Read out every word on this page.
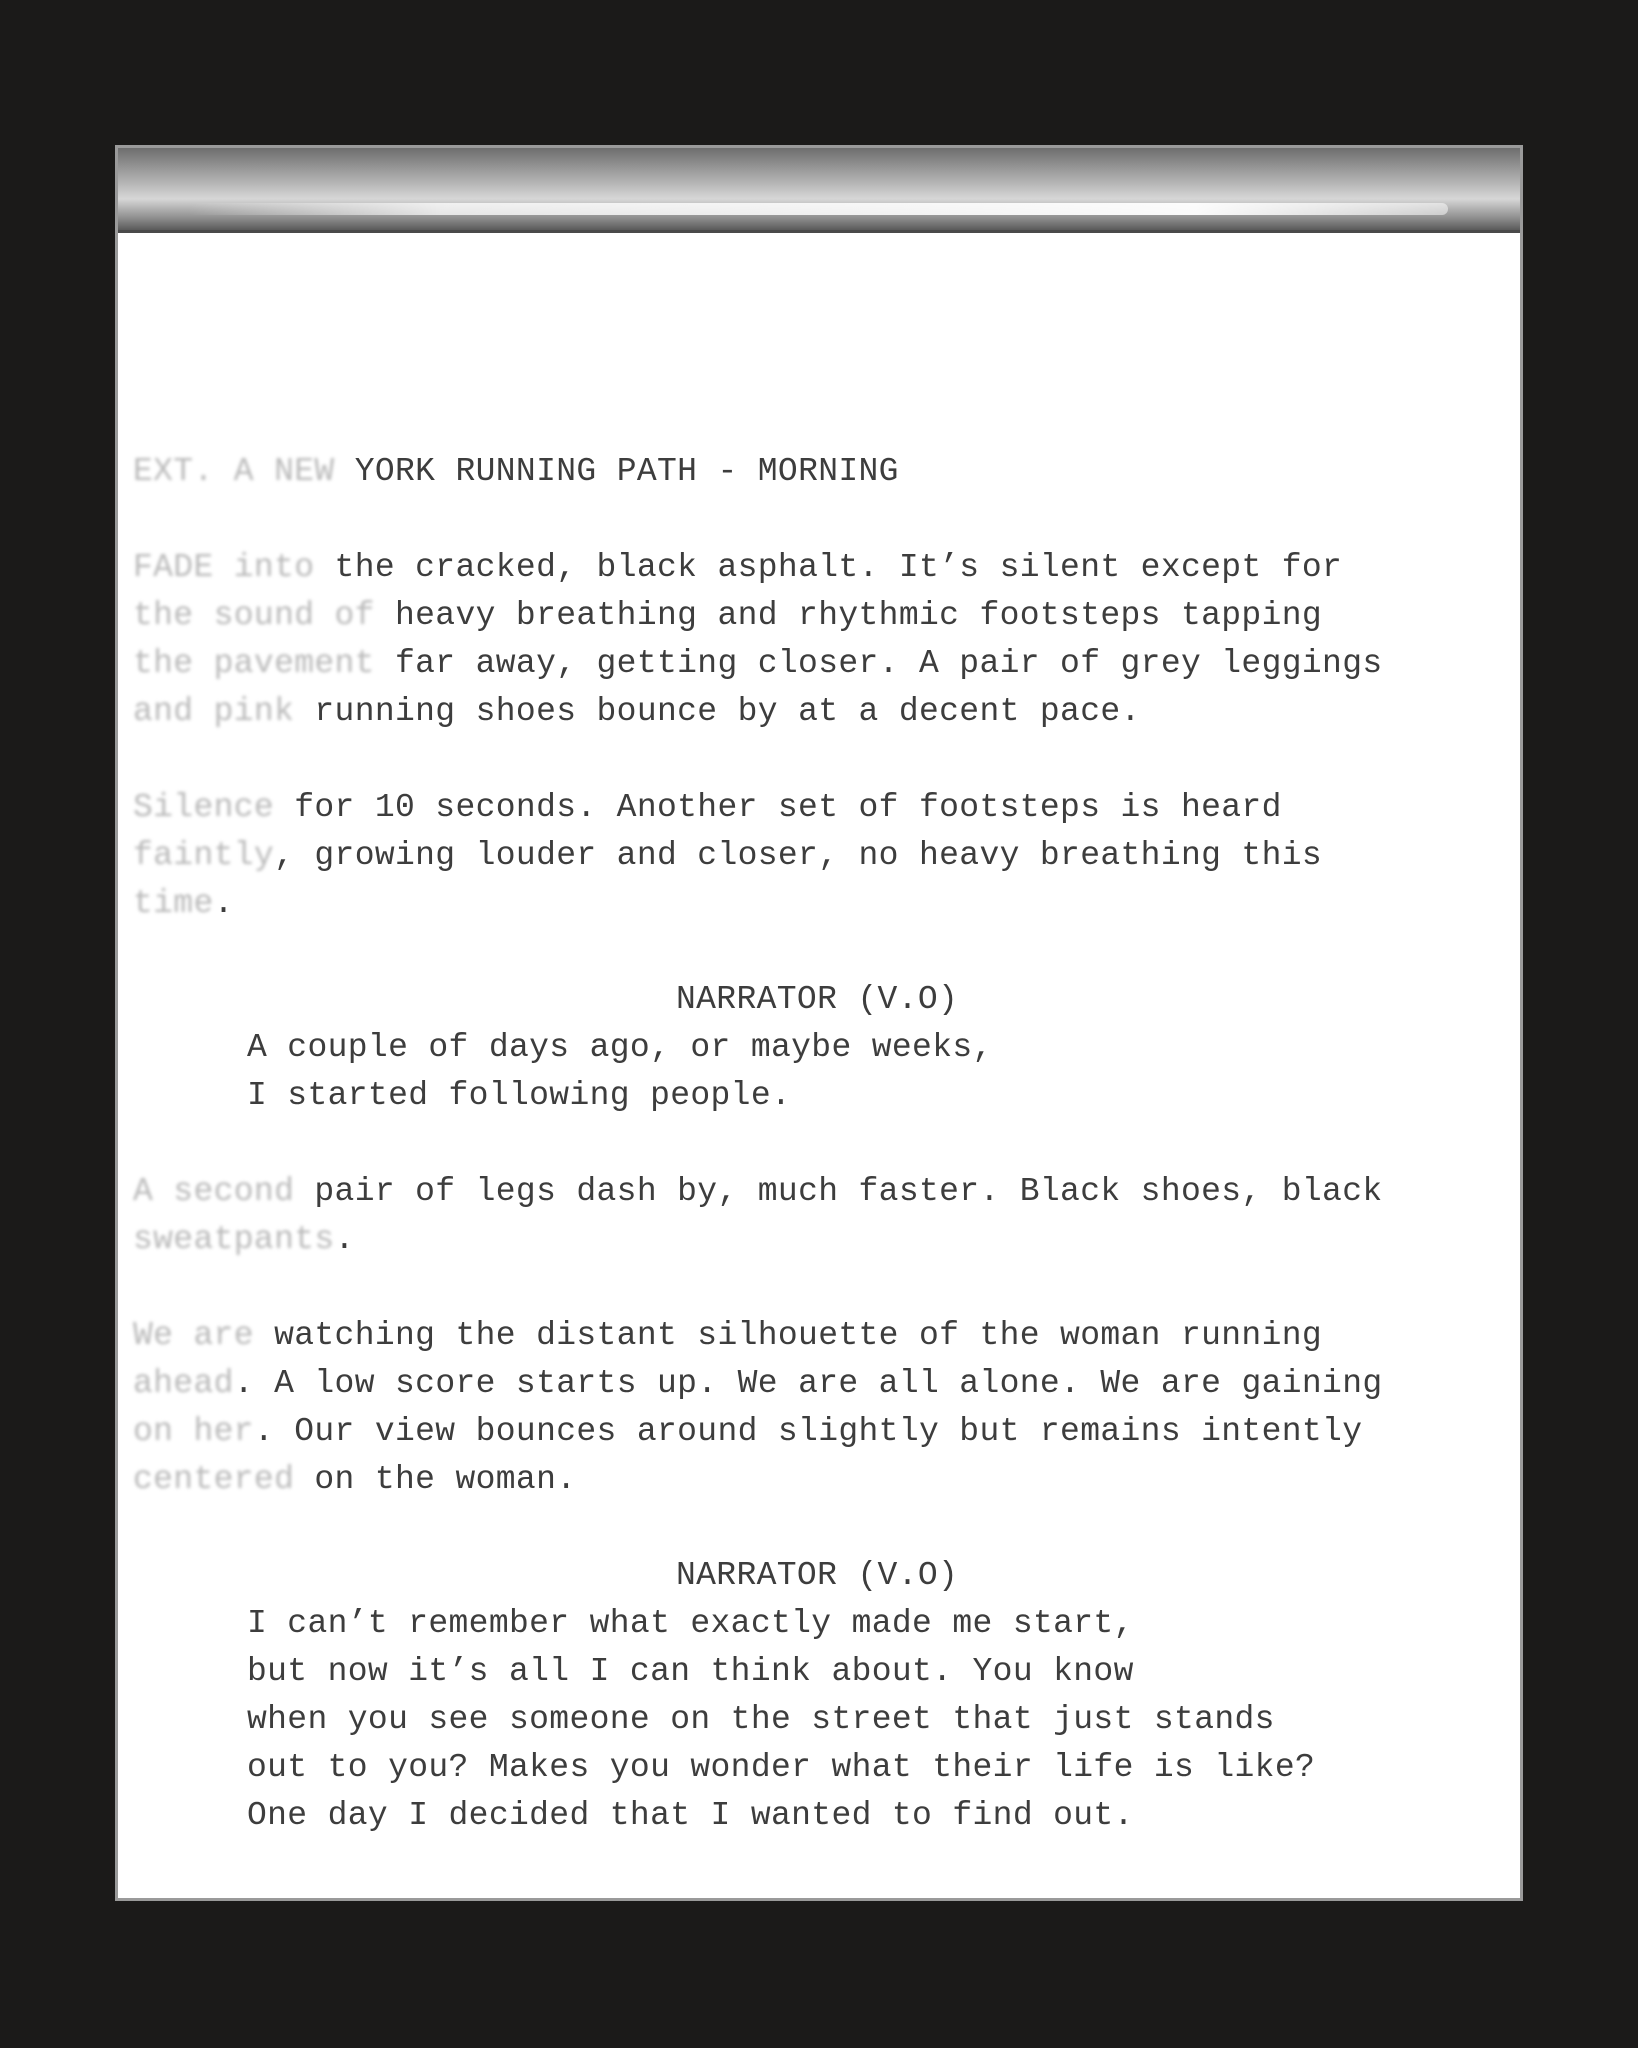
EXT. A NEW YORK RUNNING PATH - MORNING
FADE into the cracked, black asphalt. It’s silent except for
the sound of heavy breathing and rhythmic footsteps tapping
the pavement far away, getting closer. A pair of grey leggings
and pink running shoes bounce by at a decent pace.
Silence for 10 seconds. Another set of footsteps is heard
faintly, growing louder and closer, no heavy breathing this
time.
NARRATOR (V.O)
A couple of days ago, or maybe weeks,
I started following people.
A second pair of legs dash by, much faster. Black shoes, black
sweatpants.
We are watching the distant silhouette of the woman running
ahead. A low score starts up. We are all alone. We are gaining
on her. Our view bounces around slightly but remains intently
centered on the woman.
NARRATOR (V.O)
I can’t remember what exactly made me start,
but now it’s all I can think about. You know
when you see someone on the street that just stands
out to you? Makes you wonder what their life is like?
One day I decided that I wanted to find out.
